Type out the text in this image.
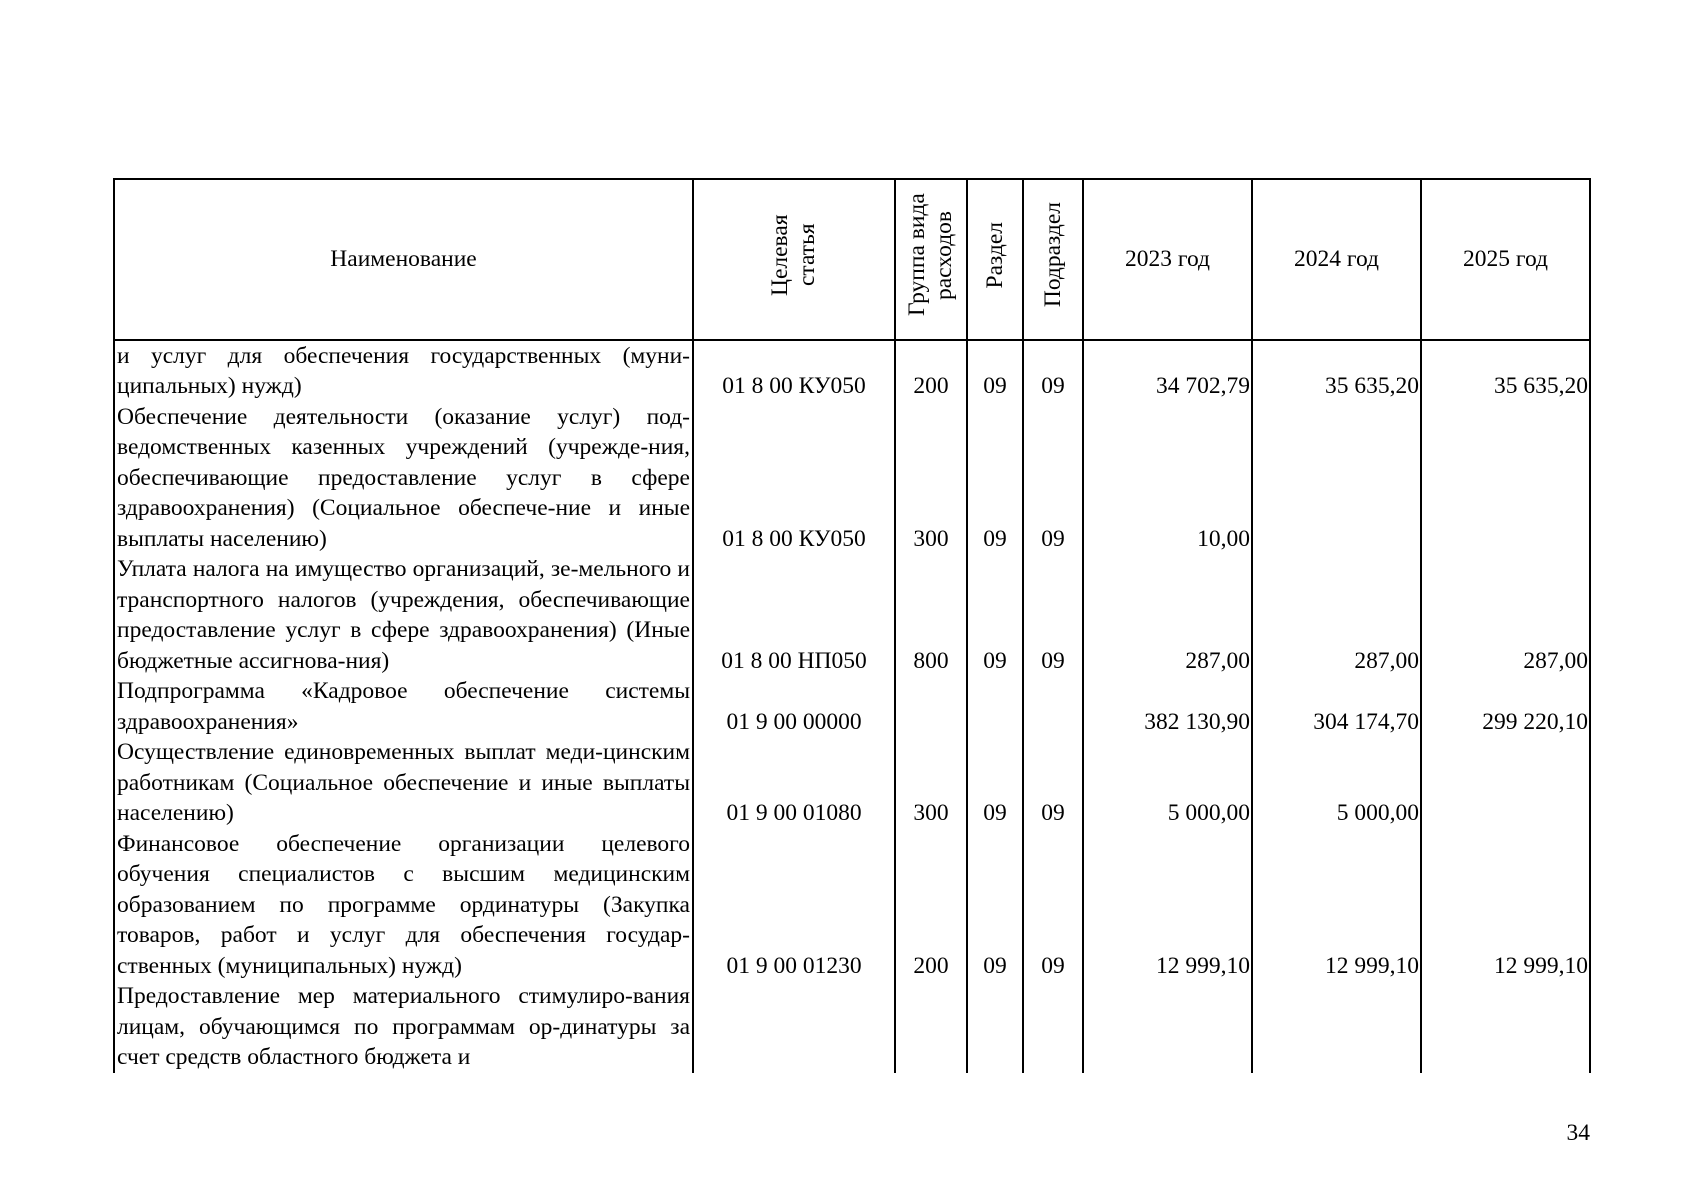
Наименование	Целевая статья	Группа вида расходов	Раздел	Подраздел	2023 год	2024 год	2025 год
и услуг для обеспечения государственных (муни-ципальных) нужд)	01 8 00 КУ050	200	09	09	34 702,79	35 635,20	35 635,20
Обеспечение деятельности (оказание услуг) под-ведомственных казенных учреждений (учрежде-ния, обеспечивающие предоставление услуг в сфере здравоохранения) (Социальное обеспече-ние и иные выплаты населению)	01 8 00 КУ050	300	09	09	10,00		
Уплата налога на имущество организаций, зе-мельного и транспортного налогов (учреждения, обеспечивающие предоставление услуг в сфере здравоохранения) (Иные бюджетные ассигнова-ния)	01 8 00 НП050	800	09	09	287,00	287,00	287,00
Подпрограмма «Кадровое обеспечение системы здравоохранения»	01 9 00 00000				382 130,90	304 174,70	299 220,10
Осуществление единовременных выплат меди-цинским работникам (Социальное обеспечение и иные выплаты населению)	01 9 00 01080	300	09	09	5 000,00	5 000,00	
Финансовое обеспечение организации целевого обучения специалистов с высшим медицинским образованием по программе ординатуры (Закупка товаров, работ и услуг для обеспечения государ-ственных (муниципальных) нужд)	01 9 00 01230	200	09	09	12 999,10	12 999,10	12 999,10
Предоставление мер материального стимулиро-вания лицам, обучающимся по программам ор-динатуры за счет средств областного бюджета и							
34
